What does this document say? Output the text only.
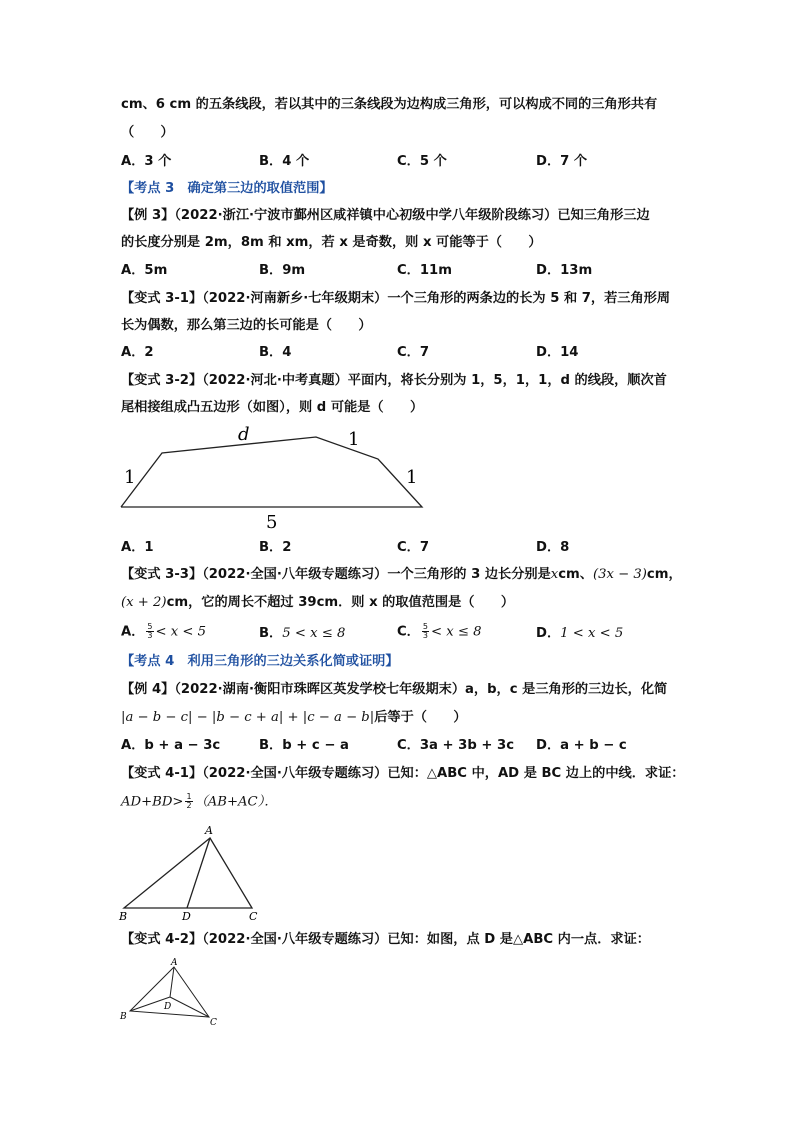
cm、6 cm 的五条线段，若以其中的三条线段为边构成三角形，可以构成不同的三角形共有
（　　）
A．3 个	B．4 个	C．5 个	D．7 个
【考点 3　确定第三边的取值范围】
【例 3】（2022·浙江·宁波市鄞州区咸祥镇中心初级中学八年级阶段练习）已知三角形三边
的长度分别是 2m，8m 和 xm，若 x 是奇数，则 x 可能等于（　　）
A．5m	B．9m	C．11m	D．13m
【变式 3-1】（2022·河南新乡·七年级期末）一个三角形的两条边的长为 5 和 7，若三角形周
长为偶数，那么第三边的长可能是（　　）
A．2	B．4	C．7	D．14
【变式 3-2】（2022·河北·中考真题）平面内，将长分别为 1，5，1，1，d 的线段，顺次首
尾相接组成凸五边形（如图），则 d 可能是（　　）
d	1
1	1
5
A．1	B．2	C．7	D．8
【变式 3-3】（2022·全国·八年级专题练习）一个三角形的 3 边长分别是xcm、(3x − 3)cm，
(x + 2)cm，它的周长不超过 39cm．则 x 的取值范围是（　　）
A． $\frac{5}{3} < x < 5$	B．5 < x ≤ 8	C． $\frac{5}{3} < x \le 8$	D．1 < x < 5
【考点 4　利用三角形的三边关系化简或证明】
【例 4】（2022·湖南·衡阳市珠晖区英发学校七年级期末）a，b，c 是三角形的三边长，化简
|a − b − c| − |b − c + a| + |c − a − b|后等于（　　）
A．b + a − 3c	B．b + c − a	C．3a + 3b + 3c D．a + b − c
【变式 4-1】（2022·全国·八年级专题练习）已知：△ABC 中，AD 是 BC 边上的中线．求证：
$AD+BD> \frac{1}{2} (AB+AC)$．
A
B	D	C
【变式 4-2】（2022·全国·八年级专题练习）已知：如图，点 D 是△ABC 内一点．求证：
A
B
D
C
